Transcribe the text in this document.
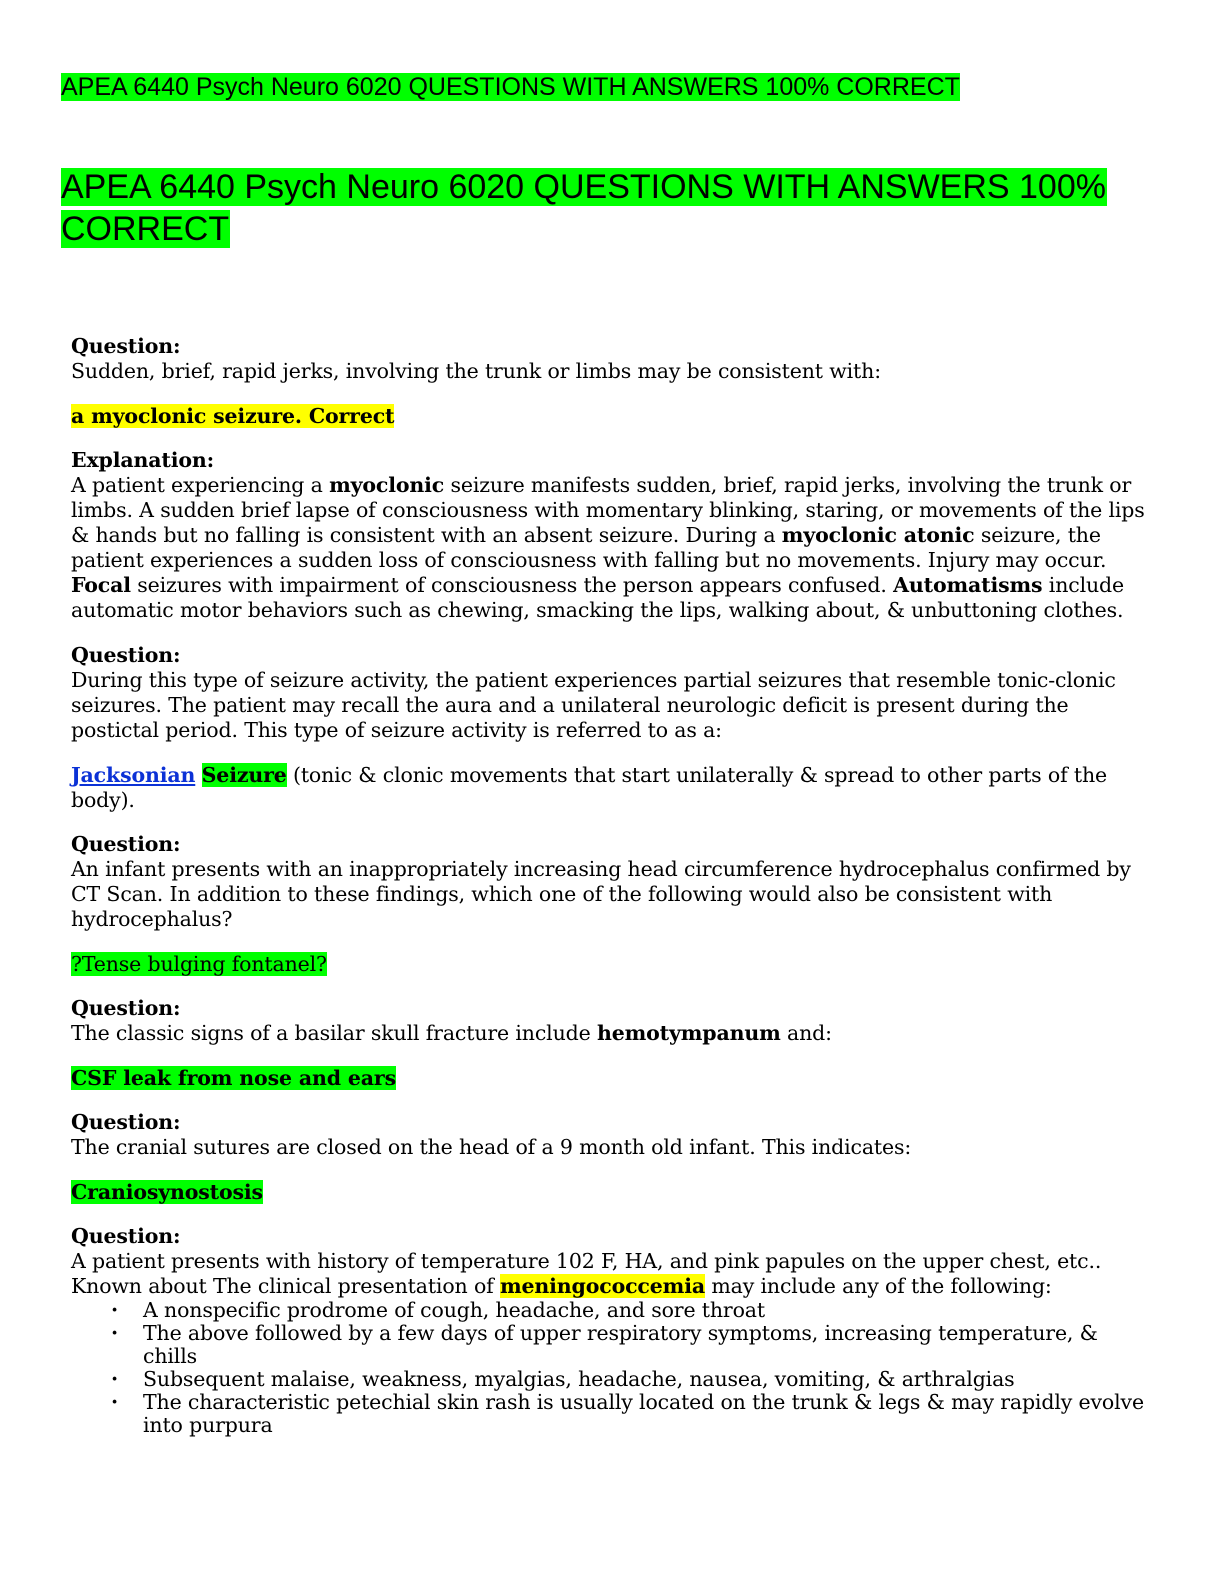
APEA 6440 Psych Neuro 6020 QUESTIONS WITH ANSWERS 100% CORRECT
APEA 6440 Psych Neuro 6020 QUESTIONS WITH ANSWERS 100% CORRECT

Question:

Sudden, brief, rapid jerks, involving the trunk or limbs may be consistent with:

a myoclonic seizure. Correct

Explanation:

A patient experiencing a myoclonic seizure manifests sudden, brief, rapid jerks, involving the trunk or limbs. A sudden brief lapse of consciousness with momentary blinking, staring, or movements of the lips & hands but no falling is consistent with an absent seizure. During a myoclonic atonic seizure, the patient experiences a sudden loss of consciousness with falling but no movements. Injury may occur. Focal seizures with impairment of consciousness the person appears confused. Automatisms include automatic motor behaviors such as chewing, smacking the lips, walking about, & unbuttoning clothes.

Question:

During this type of seizure activity, the patient experiences partial seizures that resemble tonic-clonic seizures. The patient may recall the aura and a unilateral neurologic deficit is present during the postictal period. This type of seizure activity is referred to as a:

Jacksonian Seizure (tonic & clonic movements that start unilaterally & spread to other parts of the body).

Question:

An infant presents with an inappropriately increasing head circumference hydrocephalus confirmed by CT Scan. In addition to these findings, which one of the following would also be consistent with hydrocephalus?

?Tense bulging fontanel?

Question:

The classic signs of a basilar skull fracture include hemotympanum and:

CSF leak from nose and ears

Question:

The cranial sutures are closed on the head of a 9 month old infant. This indicates:

Craniosynostosis

Question:

A patient presents with history of temperature 102 F, HA, and pink papules on the upper chest, etc..

Known about The clinical presentation of meningococcemia may include any of the following:

· A nonspecific prodrome of cough, headache, and sore throat
· The above followed by a few days of upper respiratory symptoms, increasing temperature, & chills
· Subsequent malaise, weakness, myalgias, headache, nausea, vomiting, & arthralgias
· The characteristic petechial skin rash is usually located on the trunk & legs & may rapidly evolve into purpura
